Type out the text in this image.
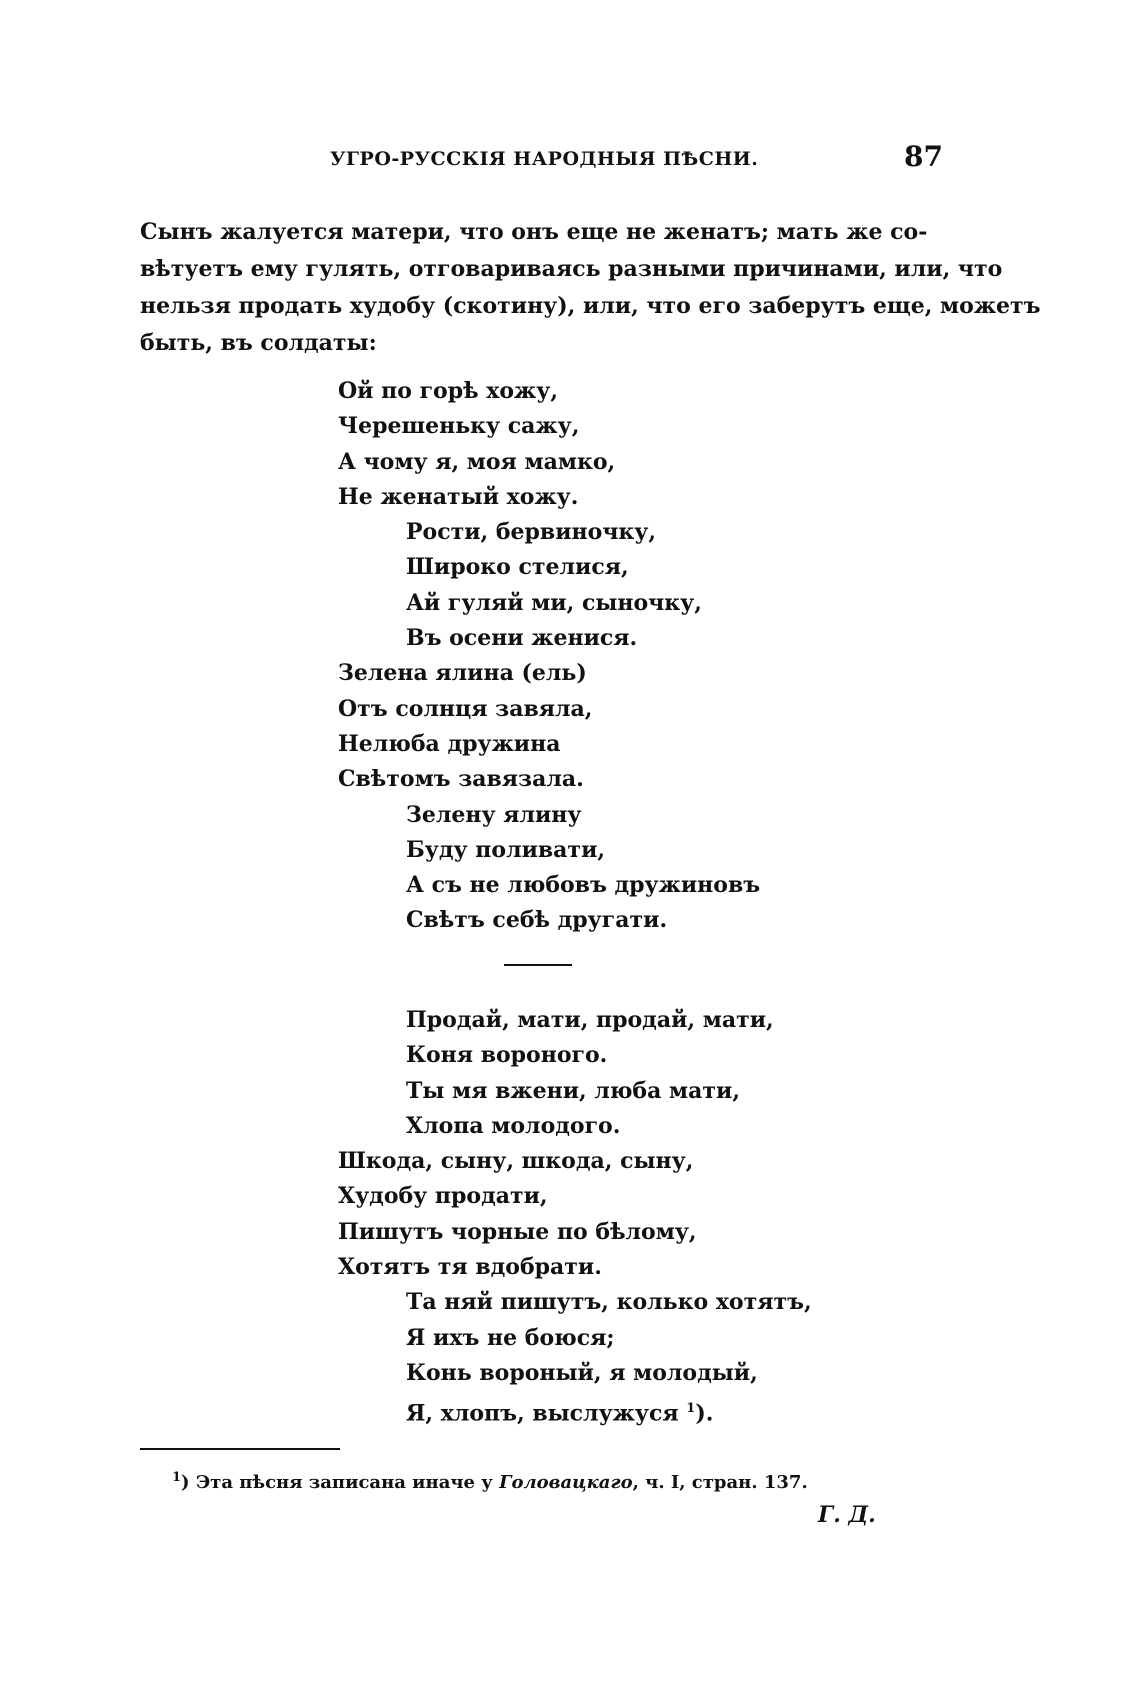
УГРО-РУССКІЯ НАРОДНЫЯ ПѢСНИ.	87
Сынъ жалуется матери, что онъ еще не женатъ; мать же со-
вѣтуетъ ему гулять, отговариваясь разными причинами, или, что
нельзя продать худобу (скотину), или, что его заберутъ еще, можетъ
быть, въ солдаты:
Ой по горѣ хожу,
Черешеньку сажу,
А чому я, моя мамко,
Не женатый хожу.
Рости, бервиночку,
Широко стелися,
Ай гуляй ми, сыночку,
Въ осени женися.
Зелена ялина (ель)
Отъ солнця завяла,
Нелюба дружина
Свѣтомъ завязала.
Зелену ялину
Буду поливати,
А съ не любовъ дружиновъ
Свѣтъ себѣ другати.
Продай, мати, продай, мати,
Коня вороного.
Ты мя вжени, люба мати,
Хлопа молодого.
Шкода, сыну, шкода, сыну,
Худобу продати,
Пишутъ чорные по бѣлому,
Хотятъ тя вдобрати.
Та няй пишутъ, колько хотятъ,
Я ихъ не боюся;
Конь вороный, я молодый,
Я, хлопъ, выслужуся $^1$).
$^1$) Эта пѣсня записана иначе у Головацкаго, ч. I, стран. 137.
Г. Д.
